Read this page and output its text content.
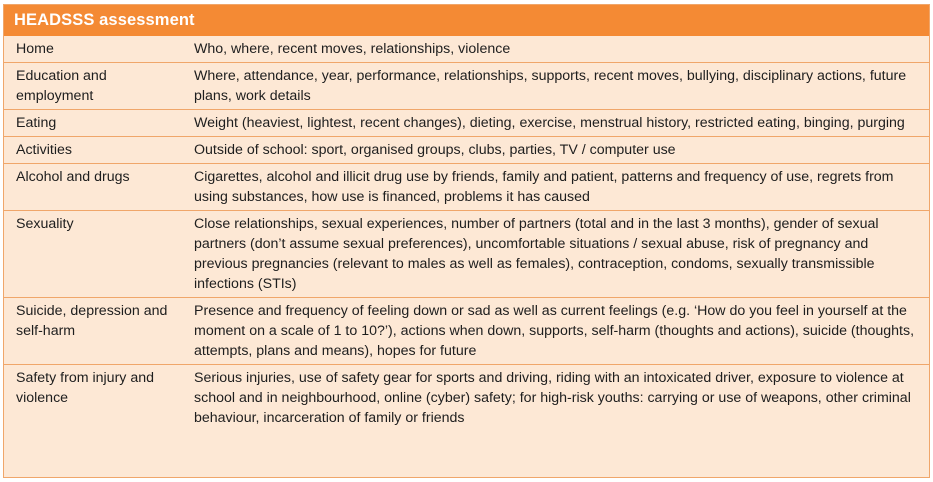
HEADSSS assessment
Home	Who, where, recent moves, relationships, violence
Education and employment	Where, attendance, year, performance, relationships, supports, recent moves, bullying, disciplinary actions, future plans, work details
Eating	Weight (heaviest, lightest, recent changes), dieting, exercise, menstrual history, restricted eating, binging, purging
Activities	Outside of school: sport, organised groups, clubs, parties, TV / computer use
Alcohol and drugs	Cigarettes, alcohol and illicit drug use by friends, family and patient, patterns and frequency of use, regrets from using substances, how use is financed, problems it has caused
Sexuality	Close relationships, sexual experiences, number of partners (total and in the last 3 months), gender of sexual partners (don’t assume sexual preferences), uncomfortable situations / sexual abuse, risk of pregnancy and previous pregnancies (relevant to males as well as females), contraception, condoms, sexually transmissible infections (STIs)
Suicide, depression and self-harm	Presence and frequency of feeling down or sad as well as current feelings (e.g. ‘How do you feel in yourself at the moment on a scale of 1 to 10?’), actions when down, supports, self-harm (thoughts and actions), suicide (thoughts, attempts, plans and means), hopes for future
Safety from injury and violence	Serious injuries, use of safety gear for sports and driving, riding with an intoxicated driver, exposure to violence at school and in neighbourhood, online (cyber) safety; for high-risk youths: carrying or use of weapons, other criminal behaviour, incarceration of family or friends
